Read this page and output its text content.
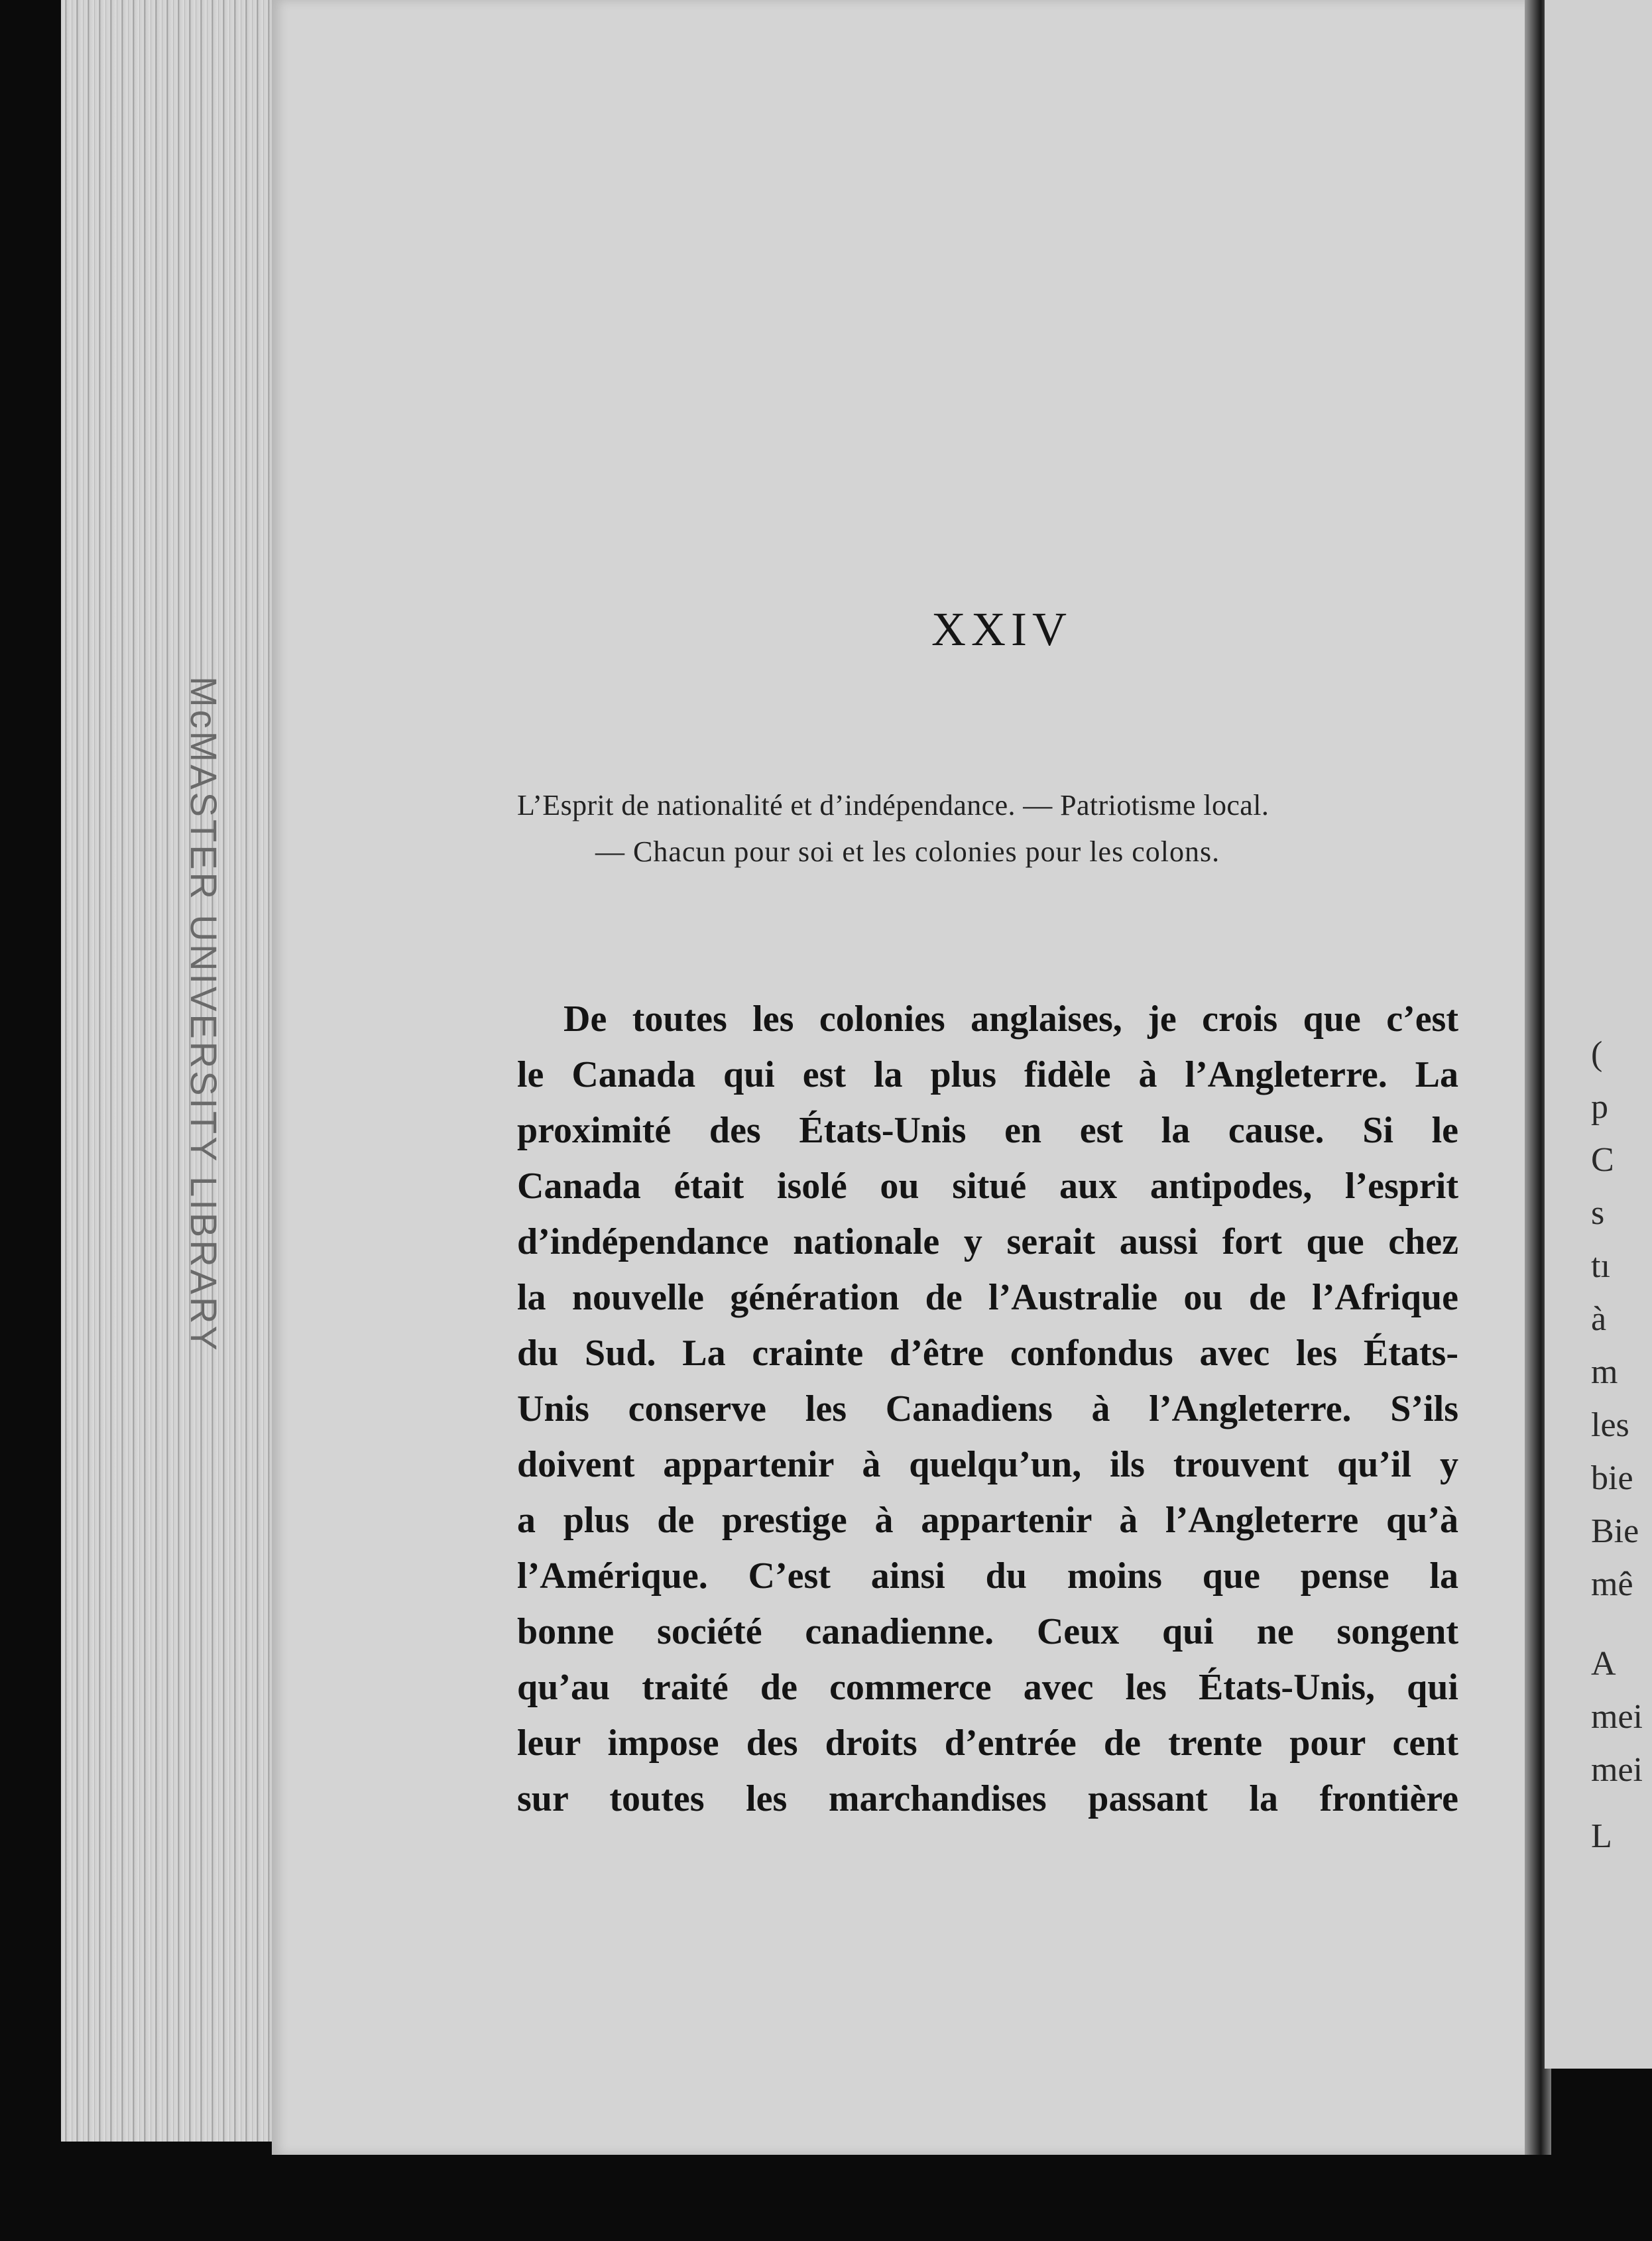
McMASTER UNIVERSITY LIBRARY	(
p
C
s
tı
à
m
les
bie
Bie
mê
A
mei
mei
L
XXIV
L’Esprit de nationalité et d’indépendance. — Patriotisme local.
— Chacun pour soi et les colonies pour les colons.
De toutes les colonies anglaises, je crois que c’est
le Canada qui est la plus fidèle à l’Angleterre. La
proximité des États-Unis en est la cause. Si le
Canada était isolé ou situé aux antipodes, l’esprit
d’indépendance nationale y serait aussi fort que chez
la nouvelle génération de l’Australie ou de l’Afrique
du Sud. La crainte d’être confondus avec les États-
Unis conserve les Canadiens à l’Angleterre. S’ils
doivent appartenir à quelqu’un, ils trouvent qu’il y
a plus de prestige à appartenir à l’Angleterre qu’à
l’Amérique. C’est ainsi du moins que pense la
bonne société canadienne. Ceux qui ne songent
qu’au traité de commerce avec les États-Unis, qui
leur impose des droits d’entrée de trente pour cent
sur toutes les marchandises passant la frontière
